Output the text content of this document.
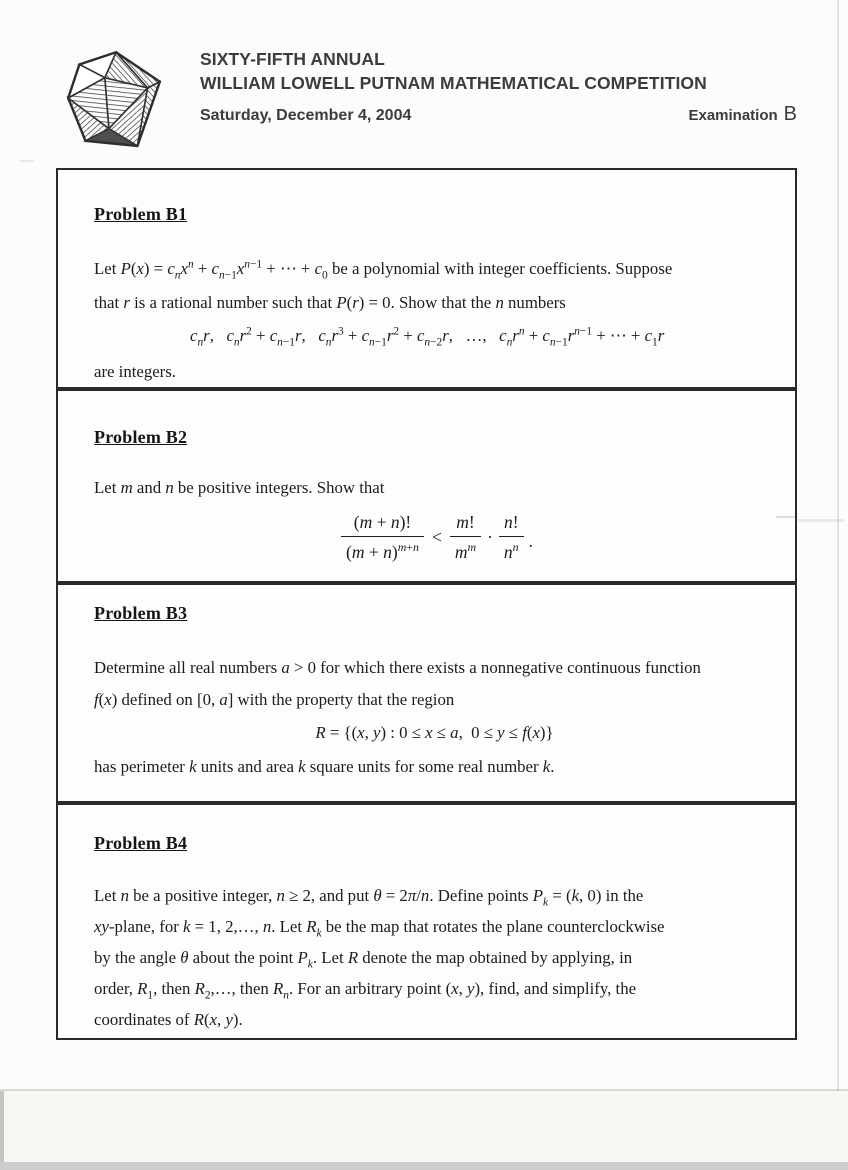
SIXTY-FIFTH ANNUAL
WILLIAM LOWELL PUTNAM MATHEMATICAL COMPETITION
Saturday, December 4, 2004	Examination B
Problem B1

Let $P(x) = c_nx^n + c_{n-1}x^{n-1}$ + ⋯ + $c_0$ be a polynomial with integer coefficients. Suppose
that r is a rational number such that P(r) = 0. Show that the n numbers

$c_nr$,   $c_nr^2 + c_{n-1}r$,   $c_nr^3 + c_{n-1}r^2 + c_{n-2}r$,   …,   $c_nr^n + c_{n-1}r^{n-1}$ + ⋯ + $c_1r$

are integers.

Problem B2

Let m and n be positive integers. Show that

$\frac{(m + n)!}{(m + n)^{m+n}} < \frac{m!}{m^m} \cdot \frac{n!}{n^n}$ .
Problem B3

Determine all real numbers a > 0 for which there exists a nonnegative continuous function
f(x) defined on [0, a] with the property that the region

R = {(x, y) : 0 ≤ x ≤ a,  0 ≤ y ≤ f(x)}

has perimeter k units and area k square units for some real number k.

Problem B4

Let n be a positive integer, n ≥ 2, and put θ = 2π/n. Define points $P_k = (k$, 0) in the
xy-plane, for k = 1, 2,…, n. Let $R_k$ be the map that rotates the plane counterclockwise
by the angle θ about the point $P_k$. Let R denote the map obtained by applying, in
order, $R_1$, then $R_2,\dots$, then $R_n$. For an arbitrary point (x, y), find, and simplify, the
coordinates of R(x, y).
